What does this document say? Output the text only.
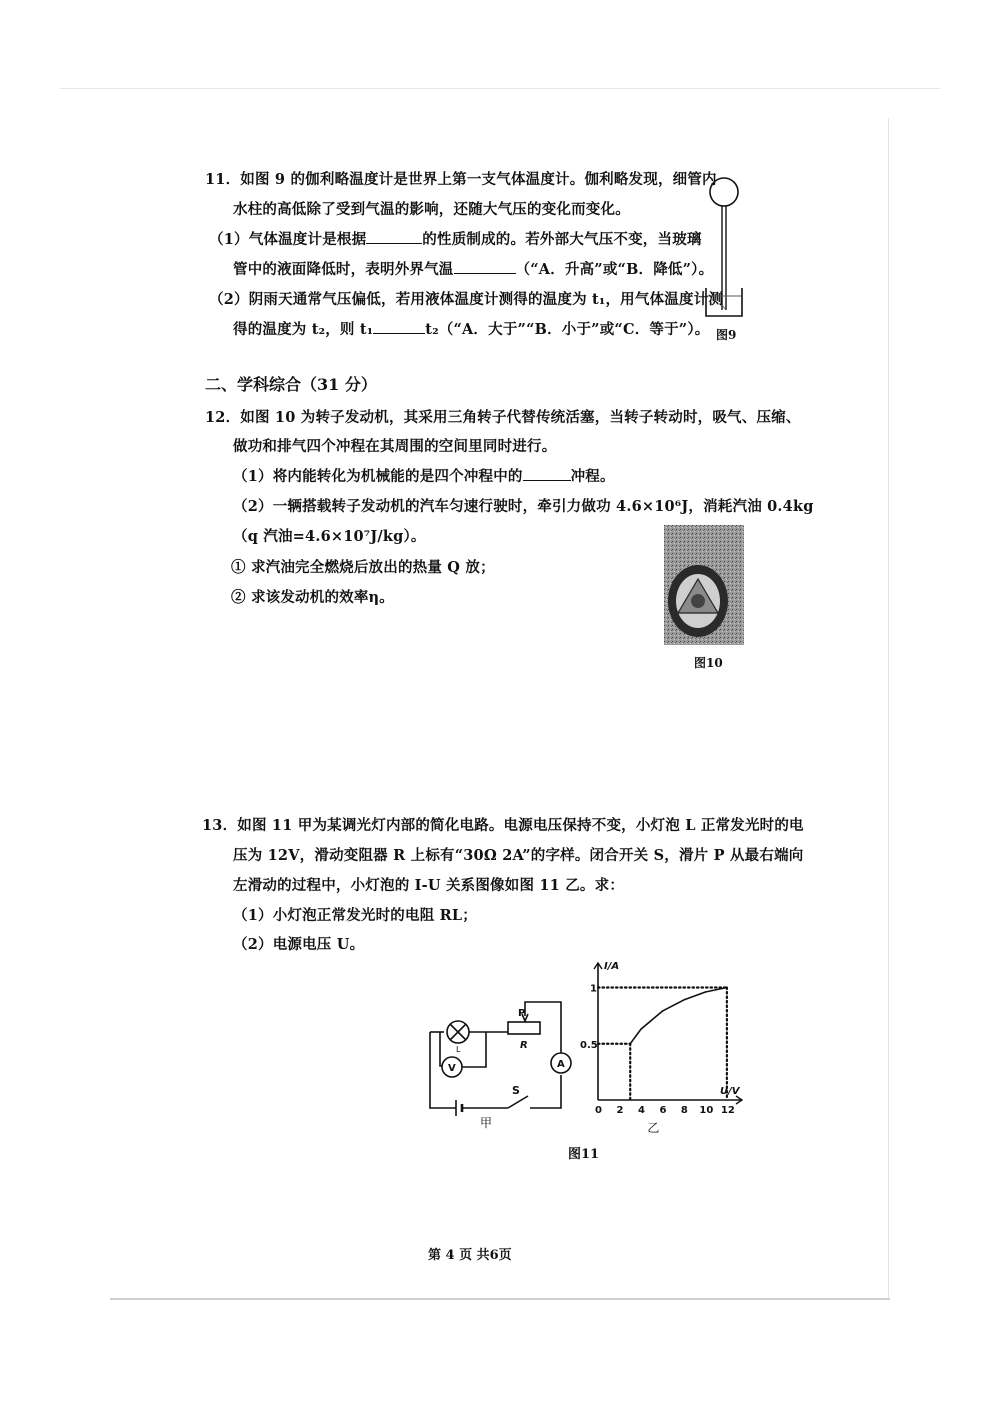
11．如图 9 的伽利略温度计是世界上第一支气体温度计。伽利略发现，细管内
水柱的高低除了受到气温的影响，还随大气压的变化而变化。
（1）气体温度计是根据	的性质制成的。若外部大气压不变，当玻璃
管中的液面降低时，表明外界气温	（“A．升高”或“B．降低”）。
（2）阴雨天通常气压偏低，若用液体温度计测得的温度为 t₁，用气体温度计测
得的温度为 t₂，则 t₁	t₂（“A．大于”“B．小于”或“C．等于”）。 图9
二、学科综合（31 分）
12．如图 10 为转子发动机，其采用三角转子代替传统活塞，当转子转动时，吸气、压缩、
做功和排气四个冲程在其周围的空间里同时进行。
（1）将内能转化为机械能的是四个冲程中的	冲程。
（2）一辆搭载转子发动机的汽车匀速行驶时，牵引力做功 4.6×10⁶J，消耗汽油 0.4kg
（q 汽油=4.6×10⁷J/kg）。
① 求汽油完全燃烧后放出的热量 Q 放；
② 求该发动机的效率η。
图10
13．如图 11 甲为某调光灯内部的简化电路。电源电压保持不变，小灯泡 L 正常发光时的电
压为 12V，滑动变阻器 R 上标有“30Ω 2A”的字样。闭合开关 S，滑片 P 从最右端向
左滑动的过程中，小灯泡的 I-U 关系图像如图 11 乙。求：
（1）小灯泡正常发光时的电阻 RL；
（2）电源电压 U。
P
R
L
V	A
S
甲
I/A
U/V
0 2 4 6 8 10 12
0.5
1
乙
图11
第 4 页 共6页
